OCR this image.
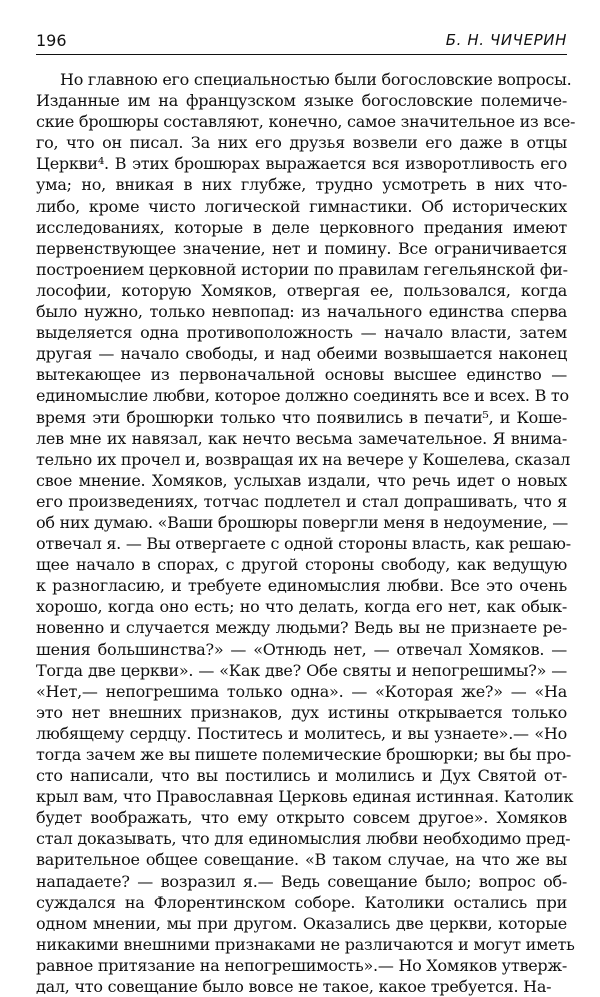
196	Б. Н. ЧИЧЕРИН
Но главною его специальностью были богословские вопросы.
Изданные им на французском языке богословские полемиче-
ские брошюры составляют, конечно, самое значительное из все-
го, что он писал. За них его друзья возвели его даже в отцы
Церкви⁴. В этих брошюрах выражается вся изворотливость его
ума; но, вникая в них глубже, трудно усмотреть в них что-
либо, кроме чисто логической гимнастики. Об исторических
исследованиях, которые в деле церковного предания имеют
первенствующее значение, нет и помину. Все ограничивается
построением церковной истории по правилам гегельянской фи-
лософии, которую Хомяков, отвергая ее, пользовался, когда
было нужно, только невпопад: из начального единства сперва
выделяется одна противоположность — начало власти, затем
другая — начало свободы, и над обеими возвышается наконец
вытекающее из первоначальной основы высшее единство —
единомыслие любви, которое должно соединять все и всех. В то
время эти брошюрки только что появились в печати⁵, и Коше-
лев мне их навязал, как нечто весьма замечательное. Я внима-
тельно их прочел и, возвращая их на вечере у Кошелева, сказал
свое мнение. Хомяков, услыхав издали, что речь идет о новых
его произведениях, тотчас подлетел и стал допрашивать, что я
об них думаю. «Ваши брошюры повергли меня в недоумение, —
отвечал я. — Вы отвергаете с одной стороны власть, как решаю-
щее начало в спорах, с другой стороны свободу, как ведущую
к разногласию, и требуете единомыслия любви. Все это очень
хорошо, когда оно есть; но что делать, когда его нет, как обык-
новенно и случается между людьми? Ведь вы не признаете ре-
шения большинства?» — «Отнюдь нет, — отвечал Хомяков. —
Тогда две церкви». — «Как две? Обе святы и непогрешимы?» —
«Нет,— непогрешима только одна». — «Которая же?» — «На
это нет внешних признаков, дух истины открывается только
любящему сердцу. Поститесь и молитесь, и вы узнаете».— «Но
тогда зачем же вы пишете полемические брошюрки; вы бы про-
сто написали, что вы постились и молились и Дух Святой от-
крыл вам, что Православная Церковь единая истинная. Католик
будет воображать, что ему открыто совсем другое». Хомяков
стал доказывать, что для единомыслия любви необходимо пред-
варительное общее совещание. «В таком случае, на что же вы
нападаете? — возразил я.— Ведь совещание было; вопрос об-
суждался на Флорентинском соборе. Католики остались при
одном мнении, мы при другом. Оказались две церкви, которые
никакими внешними признаками не различаются и могут иметь
равное притязание на непогрешимость».— Но Хомяков утверж-
дал, что совещание было вовсе не такое, какое требуется. На-
